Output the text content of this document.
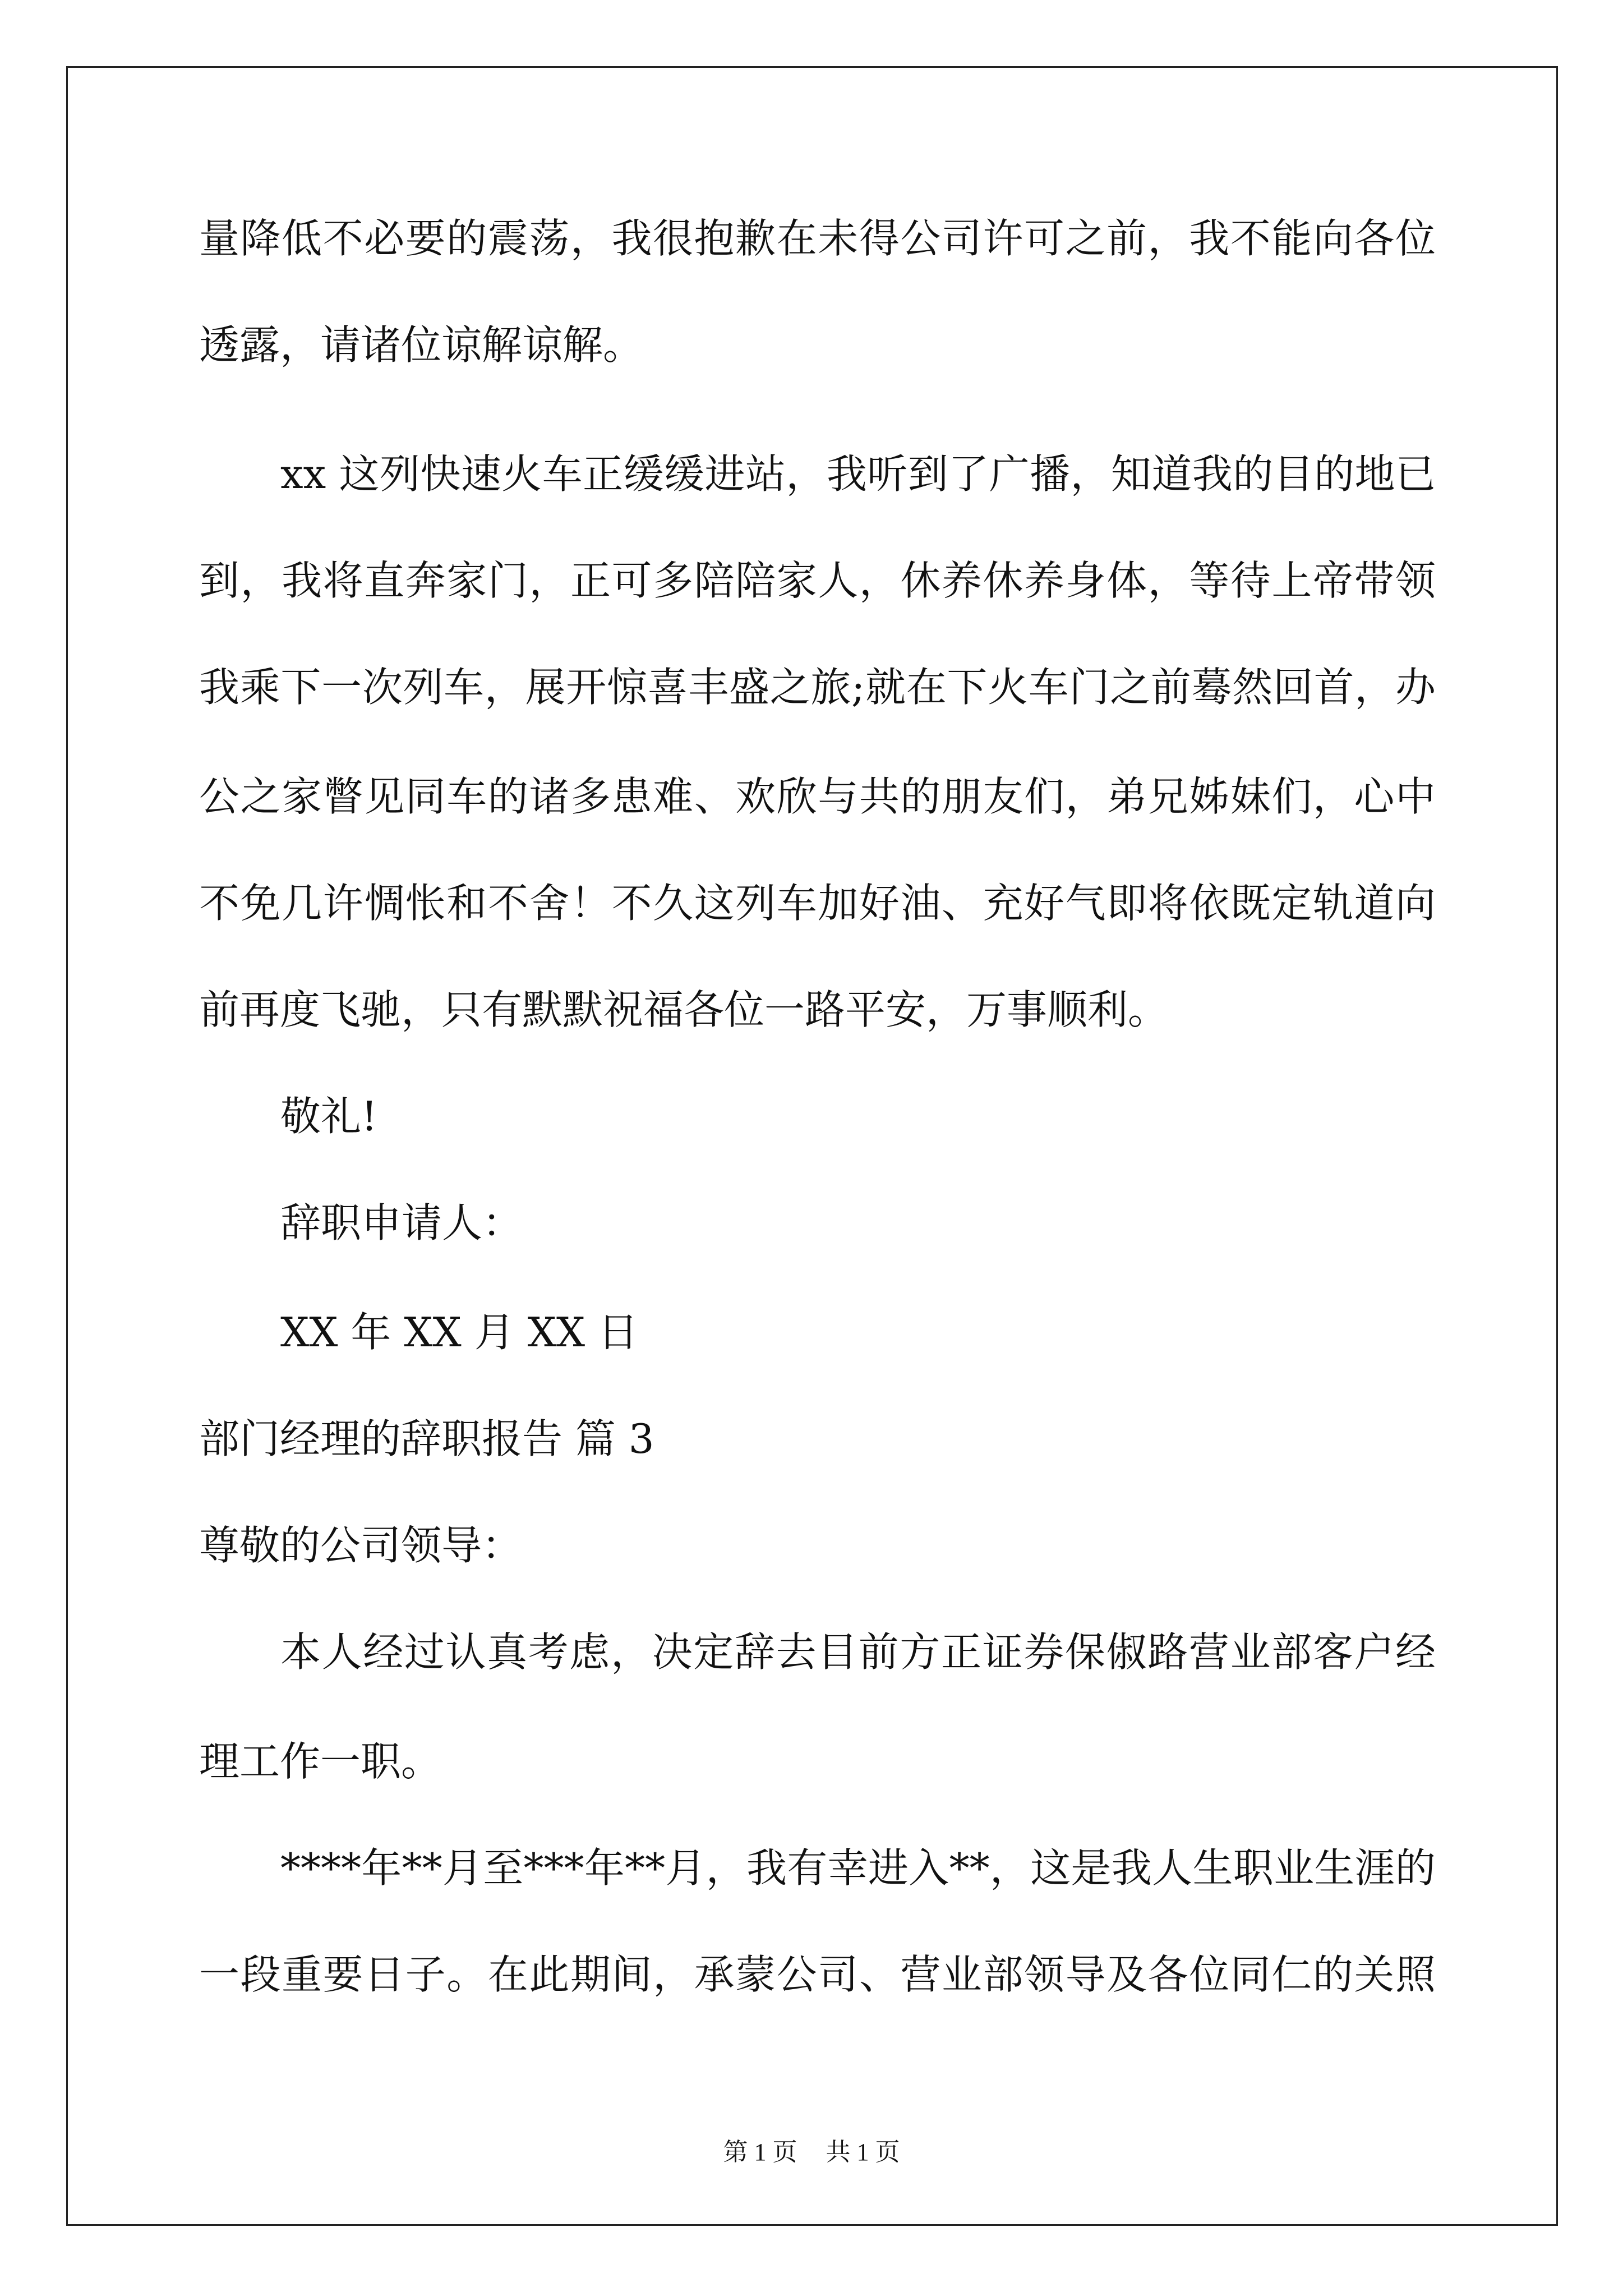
量降低不必要的震荡，我很抱歉在未得公司许可之前，我不能向各位
透露，请诸位谅解谅解。
xx 这列快速火车正缓缓进站，我听到了广播，知道我的目的地已
到，我将直奔家门，正可多陪陪家人，休养休养身体，等待上帝带领
我乘下一次列车，展开惊喜丰盛之旅;就在下火车门之前蓦然回首，办
公之家瞥见同车的诸多患难、欢欣与共的朋友们，弟兄姊妹们，心中
不免几许惆怅和不舍！不久这列车加好油、充好气即将依既定轨道向
前再度飞驰，只有默默祝福各位一路平安，万事顺利。
敬礼!
辞职申请人：
XX 年 XX 月 XX 日
部门经理的辞职报告 篇 3
尊敬的公司领导：
本人经过认真考虑，决定辞去目前方正证券保俶路营业部客户经
理工作一职。
****年**月至***年**月，我有幸进入**，这是我人生职业生涯的
一段重要日子。在此期间，承蒙公司、营业部领导及各位同仁的关照
第 1 页 共 1 页
